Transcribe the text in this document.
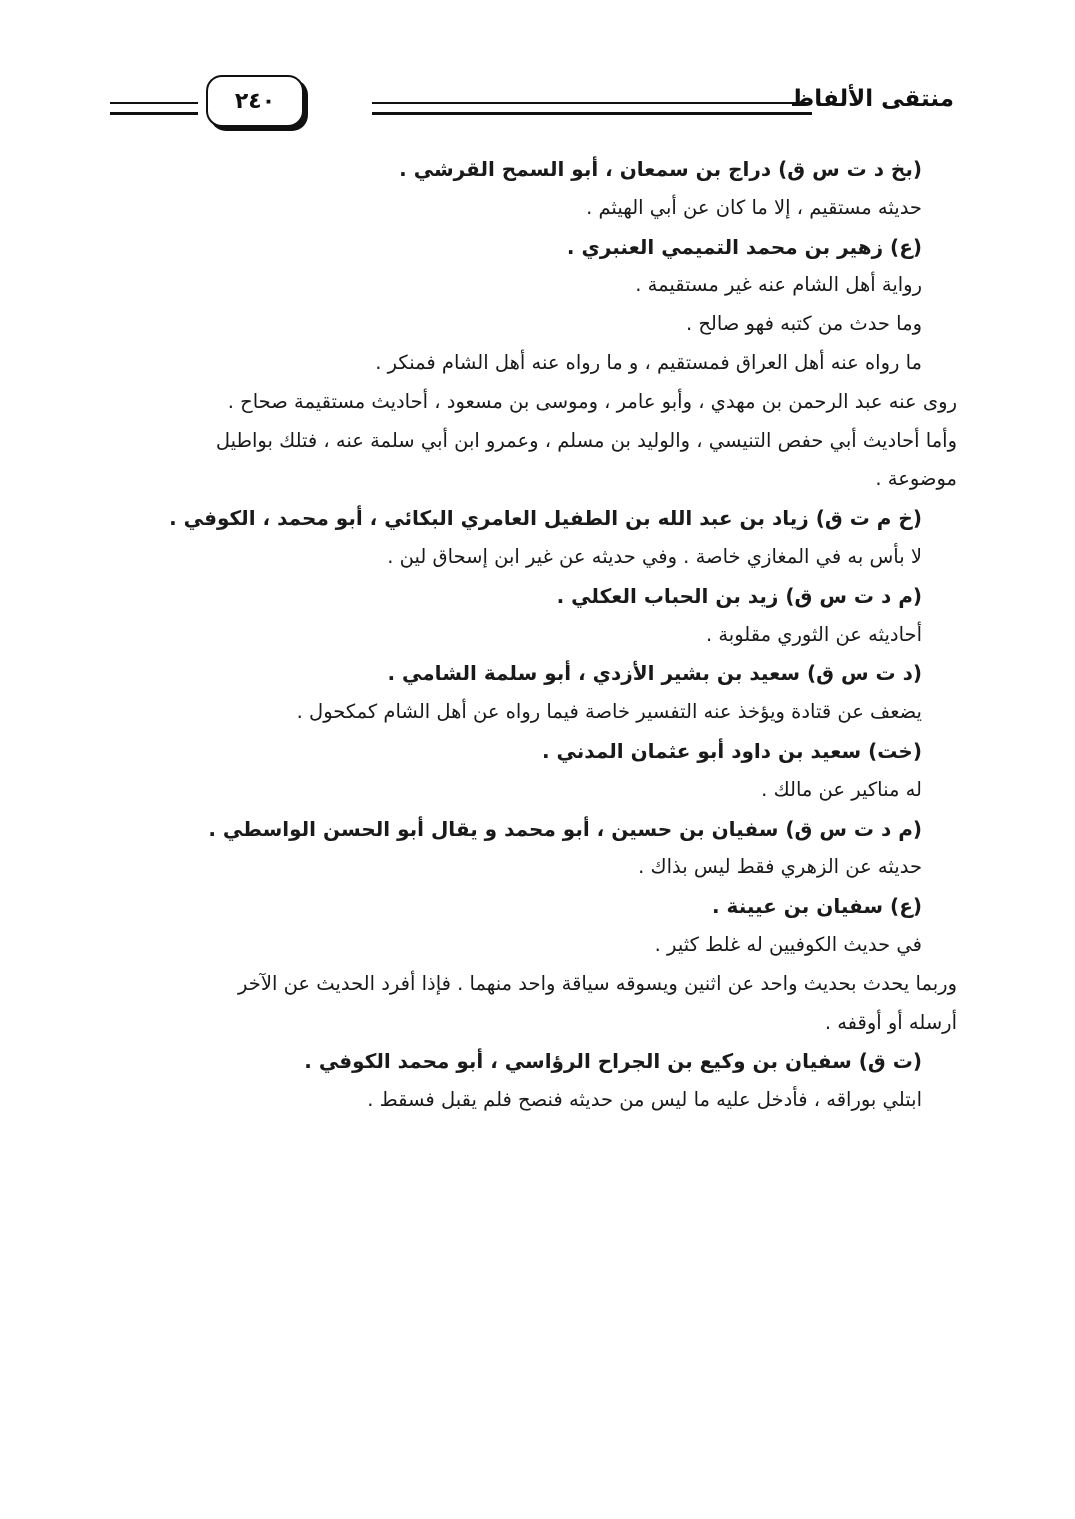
منتقى الألفاظ
٢٤٠

(بخ د ت س ق) دراج بن سمعان ، أبو السمح القرشي .

حديثه مستقيم ، إلا ما كان عن أبي الهيثم .

(ع) زهير بن محمد التميمي العنبري .

رواية أهل الشام عنه غير مستقيمة .

وما حدث من كتبه فهو صالح .

ما رواه عنه أهل العراق فمستقيم ، و ما رواه عنه أهل الشام فمنكر .

روى عنه عبد الرحمن بن مهدي ، وأبو عامر ، وموسى بن مسعود ، أحاديث مستقيمة صحاح .

وأما أحاديث أبي حفص التنيسي ، والوليد بن مسلم ، وعمرو ابن أبي سلمة عنه ، فتلك بواطيل

موضوعة .

(خ م ت ق) زياد بن عبد الله بن الطفيل العامري البكائي ، أبو محمد ، الكوفي .

لا بأس به في المغازي خاصة . وفي حديثه عن غير ابن إسحاق لين .

(م د ت س ق) زيد بن الحباب العكلي .

أحاديثه عن الثوري مقلوبة .

(د ت س ق) سعيد بن بشير الأزدي ، أبو سلمة الشامي .

يضعف عن قتادة ويؤخذ عنه التفسير خاصة فيما رواه عن أهل الشام كمكحول .

(خت) سعيد بن داود أبو عثمان المدني .

له مناكير عن مالك .

(م د ت س ق) سفيان بن حسين ، أبو محمد و يقال أبو الحسن الواسطي .

حديثه عن الزهري فقط ليس بذاك .

(ع) سفيان بن عيينة .

في حديث الكوفيين له غلط كثير .

وربما يحدث بحديث واحد عن اثنين ويسوقه سياقة واحد منهما . فإذا أفرد الحديث عن الآخر

أرسله أو أوقفه .

(ت ق) سفيان بن وكيع بن الجراح الرؤاسي ، أبو محمد الكوفي .

ابتلي بوراقه ، فأدخل عليه ما ليس من حديثه فنصح فلم يقبل فسقط .
